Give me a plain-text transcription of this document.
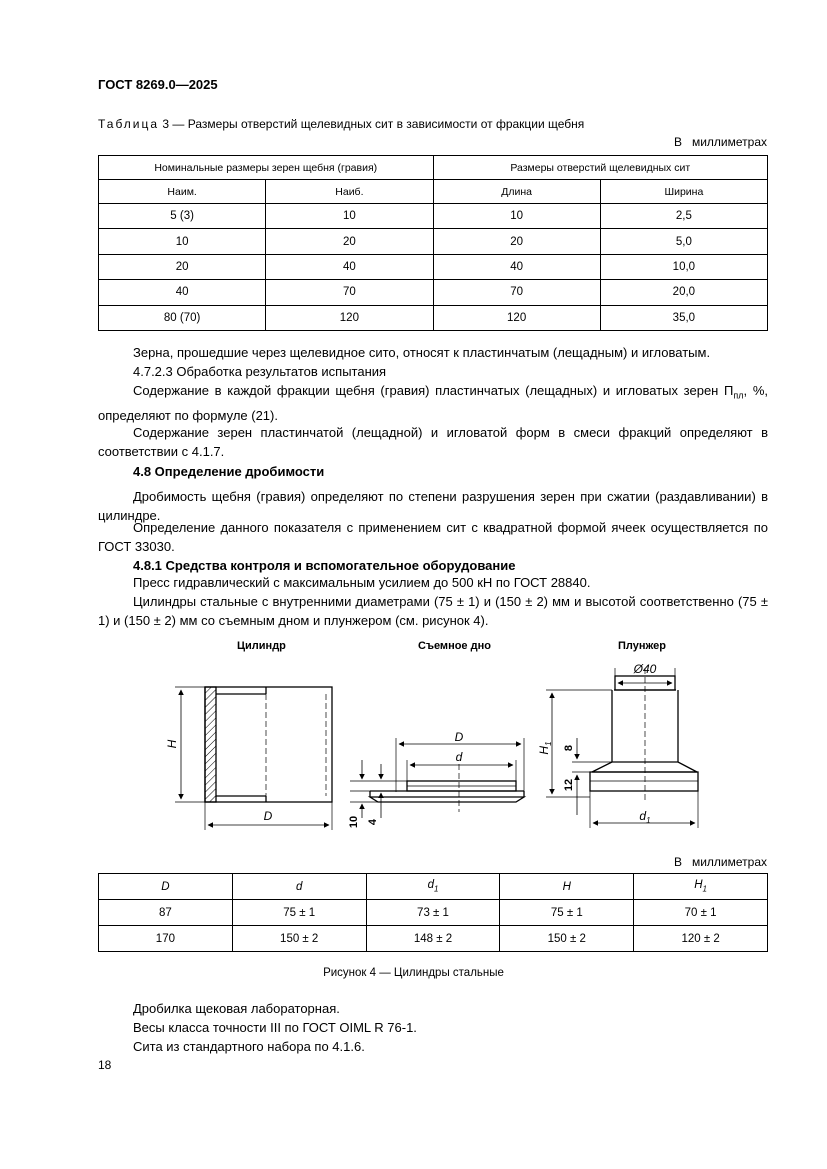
ГОСТ 8269.0—2025
Таблица 3 — Размеры отверстий щелевидных сит в зависимости от фракции щебня
В   миллиметрах
Номинальные размеры зерен щебня (гравия)		Размеры отверстий щелевидных сит	
Наим.	Наиб.	Длина	Ширина
5 (3)	10	10	2,5
10	20	20	5,0
20	40	40	10,0
40	70	70	20,0
80 (70)	120	120	35,0
Зерна, прошедшие через щелевидное сито, относят к пластинчатым (лещадным) и игловатым.
4.7.2.3 Обработка результатов испытания
Содержание в каждой фракции щебня (гравия) пластинчатых (лещадных) и игловатых зерен $П_{пл}$, %, определяют по формуле (21).
Содержание зерен пластинчатой (лещадной) и игловатой форм в смеси фракций определяют в соответствии с 4.1.7.
4.8 Определение дробимости
Дробимость щебня (гравия) определяют по степени разрушения зерен при сжатии (раздавливании) в цилиндре.
Определение данного показателя с применением сит с квадратной формой ячеек осуществляется по ГОСТ 33030.
4.8.1 Средства контроля и вспомогательное оборудование
Пресс гидравлический с максимальным усилием до 500 кН по ГОСТ 28840.
Цилиндры стальные с внутренними диаметрами (75 ± 1) и (150 ± 2) мм и высотой соответственно (75 ± 1) и (150 ± 2) мм со съемным дном и плунжером (см. рисунок 4).
Цилиндр	Съемное дно	Плунжер
D
H	D
d
10 4
Ø40
$d_1$
$H_1$
8
12
В   миллиметрах
D	d	$d_1$	H	$H_1$
87	75 ± 1	73 ± 1	75 ± 1	70 ± 1
170	150 ± 2	148 ± 2	150 ± 2	120 ± 2
Рисунок 4 — Цилиндры стальные
Дробилка щековая лабораторная.
Весы класса точности III по ГОСТ OIML R 76-1.
Сита из стандартного набора по 4.1.6.
18
